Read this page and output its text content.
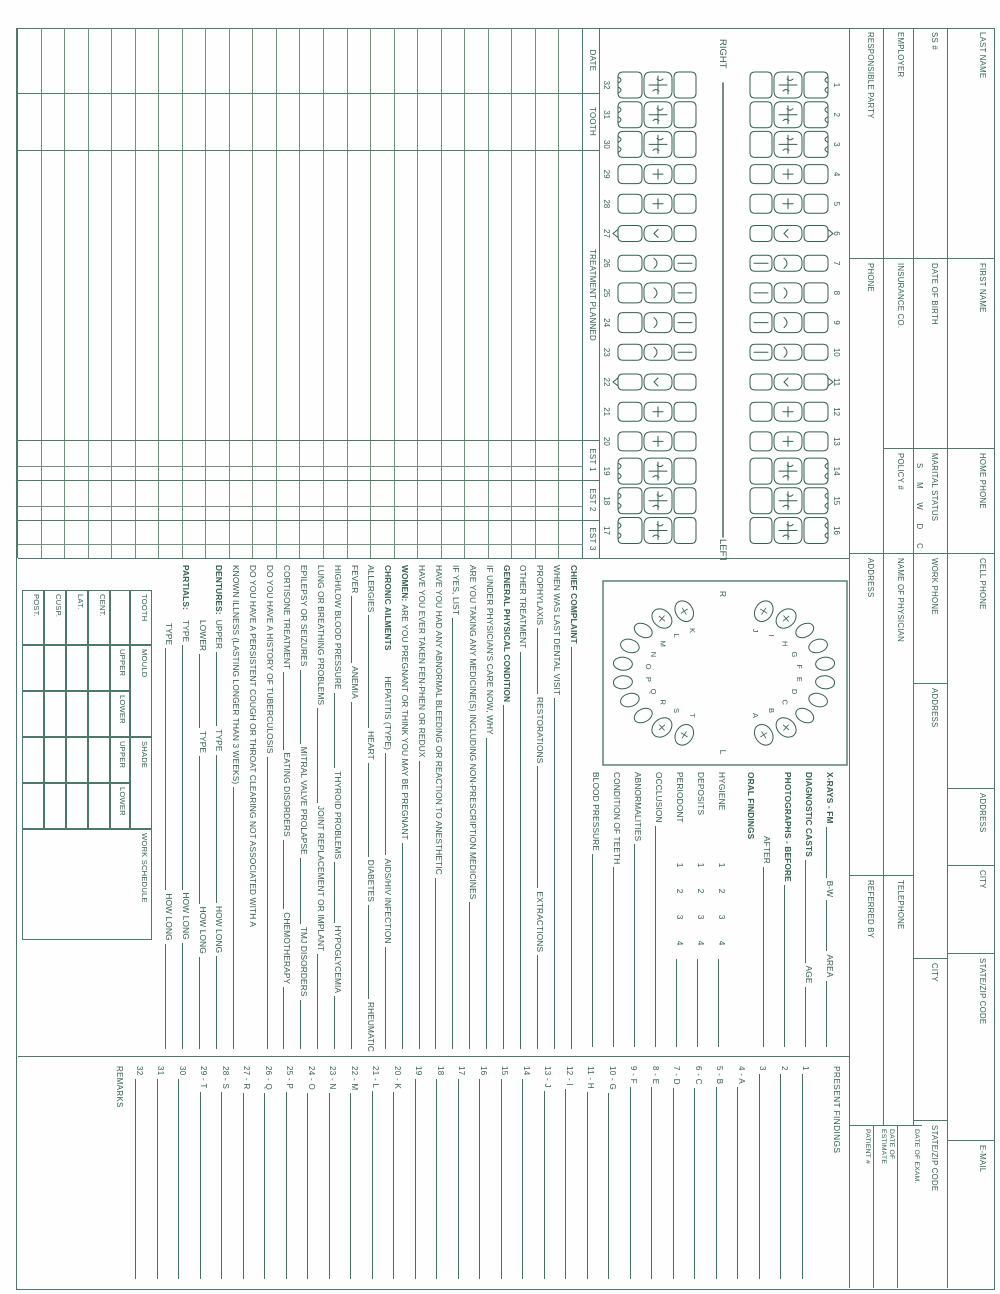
LAST NAME
FIRST NAME
HOME PHONE
CELL PHONE
ADDRESS
CITY
STATE/ZIP CODE
E-MAIL
SS #
DATE OF BIRTH
MARITAL STATUS
S
M
W
D
C
WORK PHONE
ADDRESS
CITY
STATE/ZIP CODE
EMPLOYER
INSURANCE CO.
POLICY #
NAME OF PHYSICIAN
TELEPHONE
RESPONSIBLE PARTY
PHONE
ADDRESS
REFERRED BY
DATE OF EXAM.
DATE OF ESTIMATE
PATIENT #
1
32
2
31
3
30
4
29
5
28
6
27
7
26
8
25
9
24
10
23
11
22
12
21
13
20
14
19
15
18
16
17
RIGHT
LEFT
DATE
TOOTH
TREATMENT PLANNED
EST 1
EST 2
EST 3
A
B
C
D
E
F
G
H
I
J
T
S
R
Q
P
O
N
M
L
K
R
L
X-RAYS - FM
B-W
AREA
DIAGNOSTIC CASTS
AGE
PHOTOGRAPHS - BEFORE
AFTER
ORAL FINDINGS
HYGIENE
1
2
3
4
DEPOSITS
1
2
3
4
PERIODONT
1
2
3
4
OCCLUSION
ABNORMALITIES
CONDITION OF TEETH
BLOOD PRESSURE
CHIEF COMPLAINT
WHEN WAS LAST DENTAL VISIT
PROPHYLAXIS
RESTORATIONS
EXTRACTIONS
OTHER TREATMENT
GENERAL PHYSICAL CONDITION
IF UNDER PHYSICIAN'S CARE NOW, WHY
ARE YOU TAKING ANY MEDICINE(S) INCLUDING NON-PRESCRIPTION MEDICINES
IF YES, LIST
HAVE YOU HAD ANY ABNORMAL BLEEDING OR REACTION TO ANESTHETIC
HAVE YOU EVER TAKEN FEN-PHEN OR REDUX
WOMEN:
ARE YOU PREGNANT OR THINK YOU MAY BE PREGNANT
CHRONIC AILMENTS
HEPATITIS (TYPE)
AIDS/HIV INFECTION
ALLERGIES
HEART
DIABETES
RHEUMATIC
FEVER
ANEMIA
HIGH/LOW BLOOD PRESSURE
THYROID PROBLEMS
HYPOGLYCEMIA
LUNG OR BREATHING PROBLEMS
JOINT REPLACEMENT OR IMPLANT
EPILEPSY OR SEIZURES
MITRAL VALVE PROLAPSE
TMJ DISORDERS
CORTISONE TREATMENT
EATING DISORDERS
CHEMOTHERAPY
DO YOU HAVE A HISTORY OF TUBERCULOSIS
DO YOU HAVE A PERSISTENT COUGH OR THROAT CLEARING NOT ASSOCIATED WITH A
KNOWN ILLNESS (LASTING LONGER THAN 3 WEEKS)
DENTURES:
UPPER
TYPE
HOW LONG
LOWER
TYPE
HOW LONG
PARTIALS:
TYPE
HOW LONG
TYPE
HOW LONG
TOOTH
MOULD
SHADE
WORK SCHEDULE
UPPER
LOWER
UPPER
LOWER
CENT.
LAT.
CUSP.
POST.
PRESENT FINDINGS
1
2
3
4 - A
5 - B
6 - C
7 - D
8 - E
9 - F
10 - G
11 - H
12 - I
13 - J
14
15
16
17
18
19
20 - K
21 - L
22 - M
23 - N
24 - O
25 - P
26 - Q
27 - R
28 - S
29 - T
30
31
32
REMARKS
